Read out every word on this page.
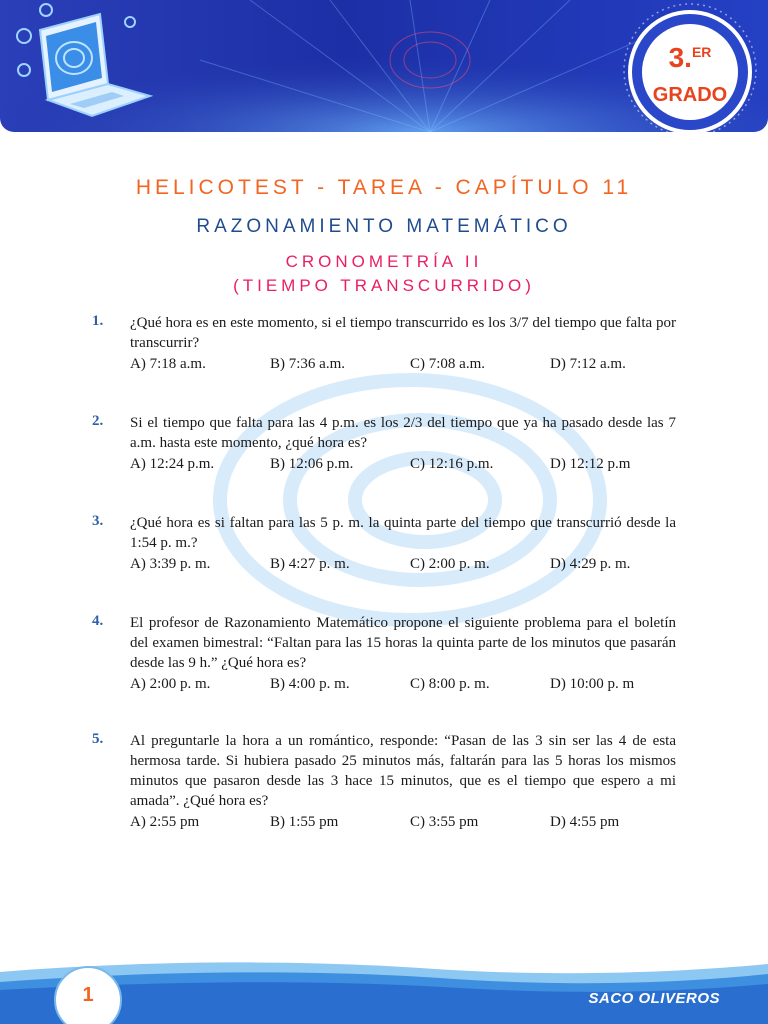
3.$^{ER}$
GRADO
HELICOTEST - TAREA - CAPÍTULO 11
RAZONAMIENTO MATEMÁTICO
CRONOMETRÍA II
(TIEMPO TRANSCURRIDO)
1. ¿Qué hora es en este momento, si el tiempo transcurrido es los 3/7 del tiempo que falta por transcurrir?
A) 7:18 a.m.	B) 7:36 a.m.	C) 7:08 a.m.	D) 7:12 a.m.
2. Si el tiempo que falta para las 4 p.m. es los 2/3 del tiempo que ya ha pasado desde las 7 a.m. hasta este momento, ¿qué hora es?
A) 12:24 p.m.	B) 12:06 p.m.	C) 12:16 p.m.	D) 12:12 p.m
3. ¿Qué hora es si faltan para las 5 p. m. la quinta parte del tiempo que transcurrió desde la 1:54 p. m.?
A) 3:39 p. m.	B) 4:27 p. m.	C) 2:00 p. m.	D) 4:29 p. m.
4. El profesor de Razonamiento Matemático propone el siguiente problema para el boletín del examen bimestral: “Faltan para las 15 horas la quinta parte de los minutos que pasarán desde las 9 h.” ¿Qué hora es?
A) 2:00 p. m.	B) 4:00 p. m.	C) 8:00 p. m.	D) 10:00 p. m
5. Al preguntarle la hora a un romántico, responde: “Pasan de las 3 sin ser las 4 de esta hermosa tarde. Si hubiera pasado 25 minutos más, faltarán para las 5 horas los mismos minutos que pasaron desde las 3 hace 15 minutos, que es el tiempo que espero a mi amada”. ¿Qué hora es?
A) 2:55 pm	B) 1:55 pm	C) 3:55 pm	D) 4:55 pm
1	SACO OLIVEROS
